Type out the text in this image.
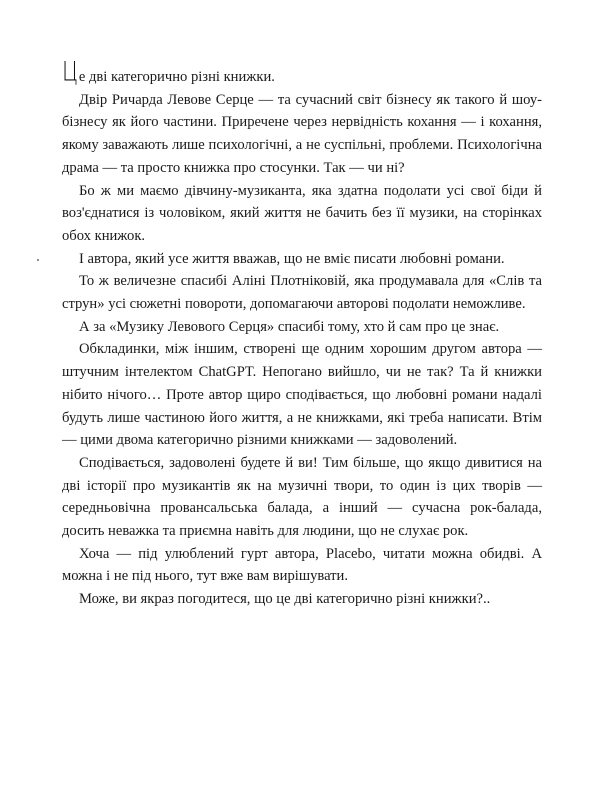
Це дві категорично різні книжки.

Двір Ричарда Левове Серце — та сучасний світ бізнесу як такого й шоу-бізнесу як його частини. Приречене через нервідність кохання — і кохання, якому заважають лише психологічні, а не суспільні, проблеми. Психологічна драма — та просто книжка про стосунки. Так — чи ні?

Бо ж ми маємо дівчину-музиканта, яка здатна подолати усі свої біди й воз'єднатися із чоловіком, який життя не бачить без її музики, на сторінках обох книжок.

І автора, який усе життя вважав, що не вміє писати любовні романи.

То ж величезне спасибі Аліні Плотніковій, яка продумавала для «Слів та струн» усі сюжетні повороти, допомагаючи авторові подолати неможливе.

А за «Музику Левового Серця» спасибі тому, хто й сам про це знає.

Обкладинки, між іншим, створені ще одним хорошим другом автора — штучним інтелектом ChatGPT. Непогано вийшло, чи не так? Та й книжки нібито нічого… Проте автор щиро сподівається, що любовні романи надалі будуть лише частиною його життя, а не книжками, які треба написати. Втім — цими двома категорично різними книжками — задоволений.

Сподівається, задоволені будете й ви! Тим більше, що якщо дивитися на дві історії про музикантів як на музичні твори, то один із цих творів — середньовічна провансальська балада, а інший — сучасна рок-балада, досить неважка та приємна навіть для людини, що не слухає рок.

Хоча — під улюблений гурт автора, Placebo, читати можна обидві. А можна і не під нього, тут вже вам вирішувати.

Може, ви якраз погодитеся, що це дві категорично різні книжки?..
